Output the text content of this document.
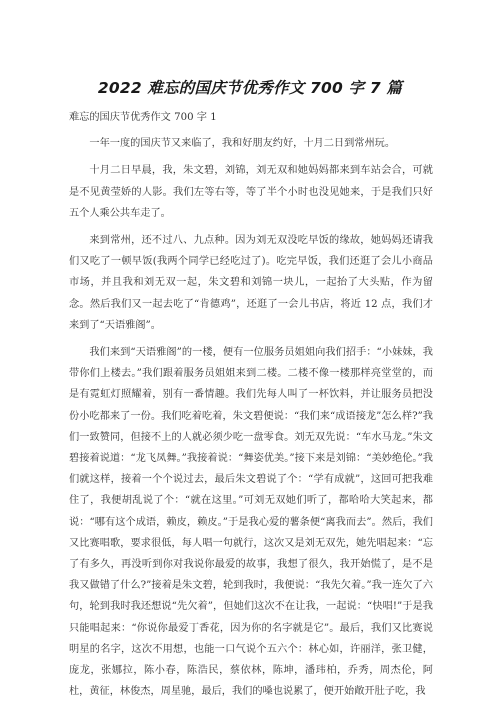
2022 难忘的国庆节优秀作文 700 字 7 篇

难忘的国庆节优秀作文 700 字 1

一年一度的国庆节又来临了，我和好朋友约好，十月二日到常州玩。

十月二日早晨，我，朱文碧，刘锦，刘无双和她妈妈都来到车站会合，可就是不见黄莹娇的人影。我们左等右等，等了半个小时也没见她来，于是我们只好五个人乘公共车走了。

来到常州，还不过八、九点种。因为刘无双没吃早饭的缘故，她妈妈还请我们又吃了一顿早饭(我两个同学已经吃过了)。吃完早饭，我们还逛了会儿小商品市场，并且我和刘无双一起，朱文碧和刘锦一块儿，一起抬了大头贴，作为留念。然后我们又一起去吃了“肯德鸡”，还逛了一会儿书店，将近 12 点，我们才来到了“天语雅阁”。

我们来到“天语雅阁”的一楼，便有一位服务员姐姐向我们招手：“小妹妹，我带你们上楼去。”我们跟着服务员姐姐来到二楼。二楼不像一楼那样亮堂堂的，而是有霓虹灯照耀着，别有一番情趣。我们先每人叫了一杯饮料，并让服务员把没份小吃都来了一份。我们吃着吃着，朱文碧便说：“我们来“成语接龙”怎么样?”我们一致赞同，但接不上的人就必须少吃一盘零食。刘无双先说：“车水马龙。”朱文碧接着说道：“龙飞凤舞。”我接着说：“舞姿优美。”接下来是刘锦：“美妙绝伦。”我们就这样，接着一个个说过去，最后朱文碧说了个：“学有成就”，这回可把我难住了，我便胡乱说了个：“就在这里。”可刘无双她们听了，都哈哈大笑起来，都说：“哪有这个成语，赖皮，赖皮。”于是我心爱的薯条便“离我而去”。然后，我们又比赛唱歌，要求很低，每人唱一句就行，这次又是刘无双先，她先唱起来：“忘了有多久，再没听到你对我说你最爱的故事，我想了很久，我开始慌了，是不是我又做错了什么?”接着是朱文碧，轮到我时，我便说：“我先欠着。”我一连欠了六句，轮到我时我还想说“先欠着”，但她们这次不在让我，一起说：“快唱!”于是我只能唱起来：“你说你最爱丁香花，因为你的名字就是它”。最后，我们又比赛说明星的名字，这次不用想，也能一口气说个五六个：林心如，许丽洋，张卫健，庞龙，张娜拉，陈小春，陈浩民，蔡依林，陈坤，潘玮柏，乔秀，周杰伦，阿杜，黄征，林俊杰，周星驰，最后，我们的嗓也说累了，便开始敞开肚子吃，我
